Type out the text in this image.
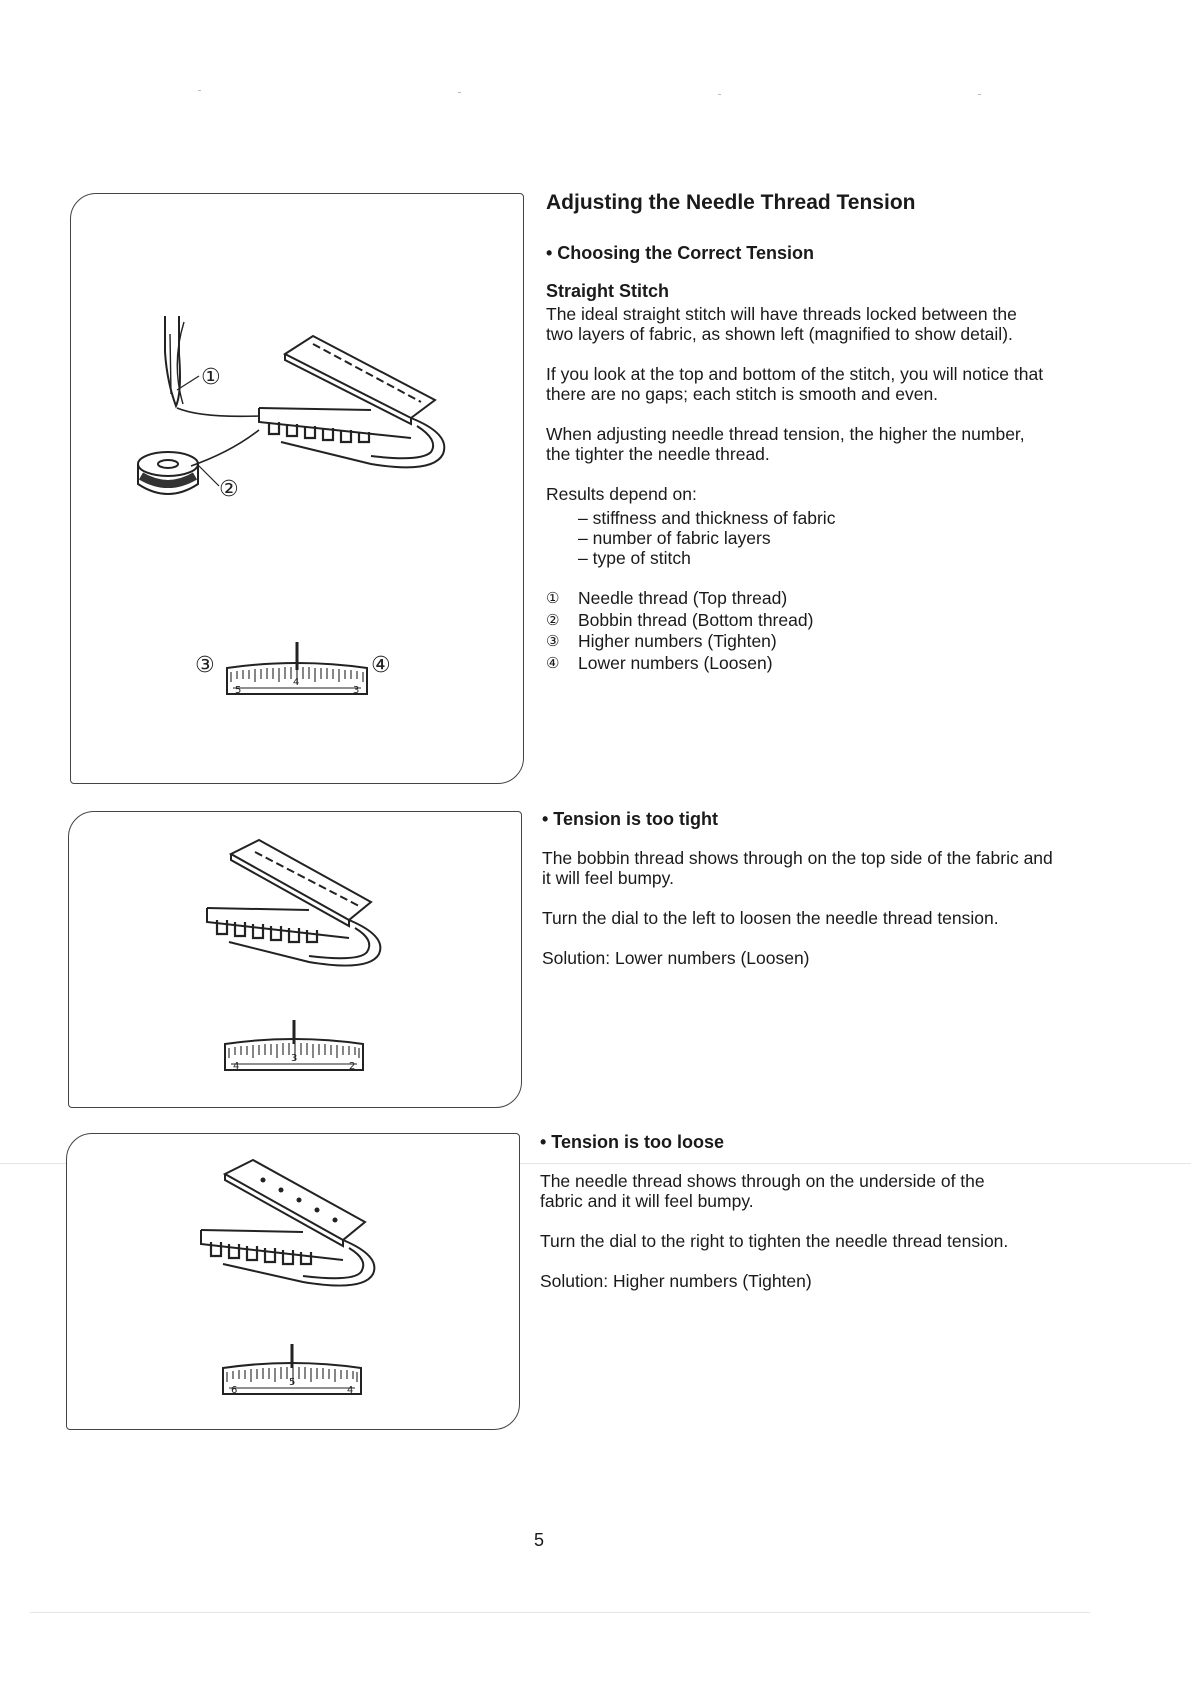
①
②
③	④
5
4
3
4
3
2
6
5
4
Adjusting the Needle Thread Tension

• Choosing the Correct Tension

Straight Stitch

The ideal straight stitch will have threads locked between the two layers of fabric, as shown left (magnified to show detail).

If you look at the top and bottom of the stitch, you will notice that there are no gaps; each stitch is smooth and even.

When adjusting needle thread tension, the higher the number, the tighter the needle thread.

Results depend on:

– stiffness and thickness of fabric

– number of fabric layers

– type of stitch

①	Needle thread (Top thread)
②	Bobbin thread (Bottom thread)
③	Higher numbers (Tighten)
④	Lower numbers (Loosen)

• Tension is too tight

The bobbin thread shows through on the top side of the fabric and it will feel bumpy.

Turn the dial to the left to loosen the needle thread tension.

Solution: Lower numbers (Loosen)

• Tension is too loose

The needle thread shows through on the underside of the fabric and it will feel bumpy.

Turn the dial to the right to tighten the needle thread tension.

Solution: Higher numbers (Tighten)

5
